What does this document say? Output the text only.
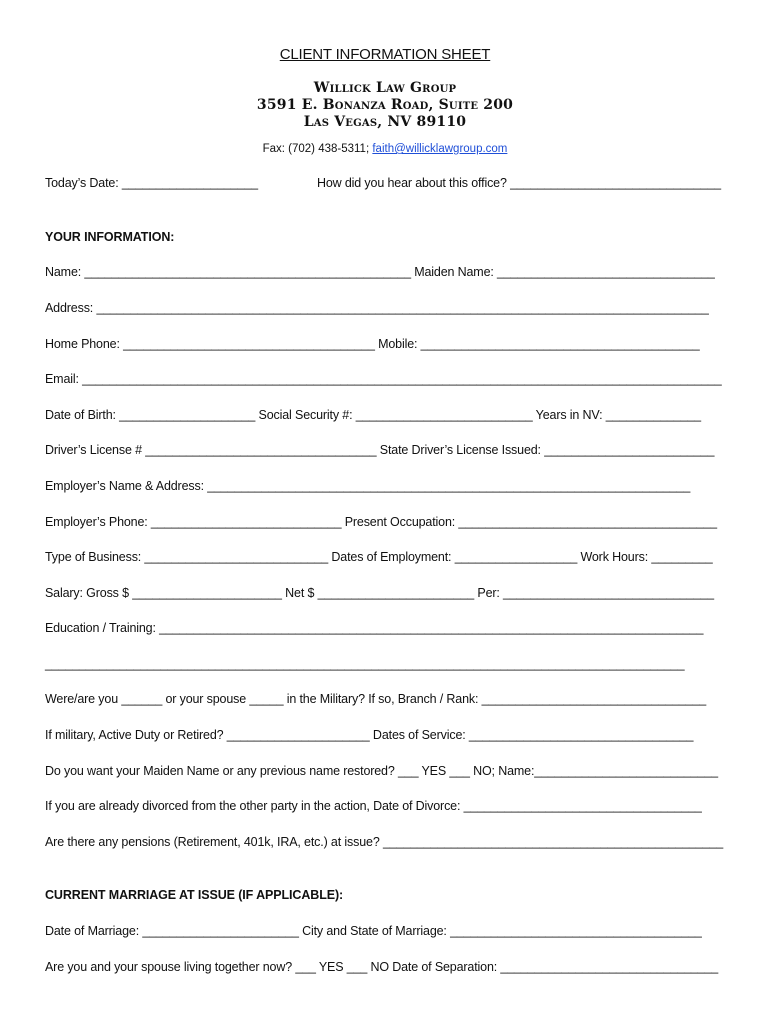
CLIENT INFORMATION SHEET
Willick Law Group
3591 E. Bonanza Road, Suite 200
Las Vegas, NV 89110
Fax: (702) 438-5311; faith@willicklawgroup.com
Today’s Date: ____________________	How did you hear about this office? _______________________________
YOUR INFORMATION:
Name: ________________________________________________ Maiden Name: ________________________________
Address: __________________________________________________________________________________________
Home Phone: _____________________________________ Mobile: _________________________________________
Email: ______________________________________________________________________________________________
Date of Birth: ____________________ Social Security #: __________________________ Years in NV: ______________
Driver’s License # __________________________________ State Driver’s License Issued: _________________________
Employer’s Name & Address: _______________________________________________________________________
Employer’s Phone: ____________________________ Present Occupation: ______________________________________
Type of Business: ___________________________ Dates of Employment: __________________ Work Hours: _________
Salary: Gross $ ______________________ Net $ _______________________ Per: _______________________________
Education / Training: ________________________________________________________________________________
______________________________________________________________________________________________
Were/are you ______ or your spouse _____ in the Military? If so, Branch / Rank: _________________________________
If military, Active Duty or Retired? _____________________ Dates of Service: _________________________________
Do you want your Maiden Name or any previous name restored? ___ YES ___ NO; Name:___________________________
If you are already divorced from the other party in the action, Date of Divorce: ___________________________________
Are there any pensions (Retirement, 401k, IRA, etc.) at issue? __________________________________________________
CURRENT MARRIAGE AT ISSUE (IF APPLICABLE):
Date of Marriage: _______________________ City and State of Marriage: _____________________________________
Are you and your spouse living together now? ___ YES ___ NO Date of Separation: ________________________________
